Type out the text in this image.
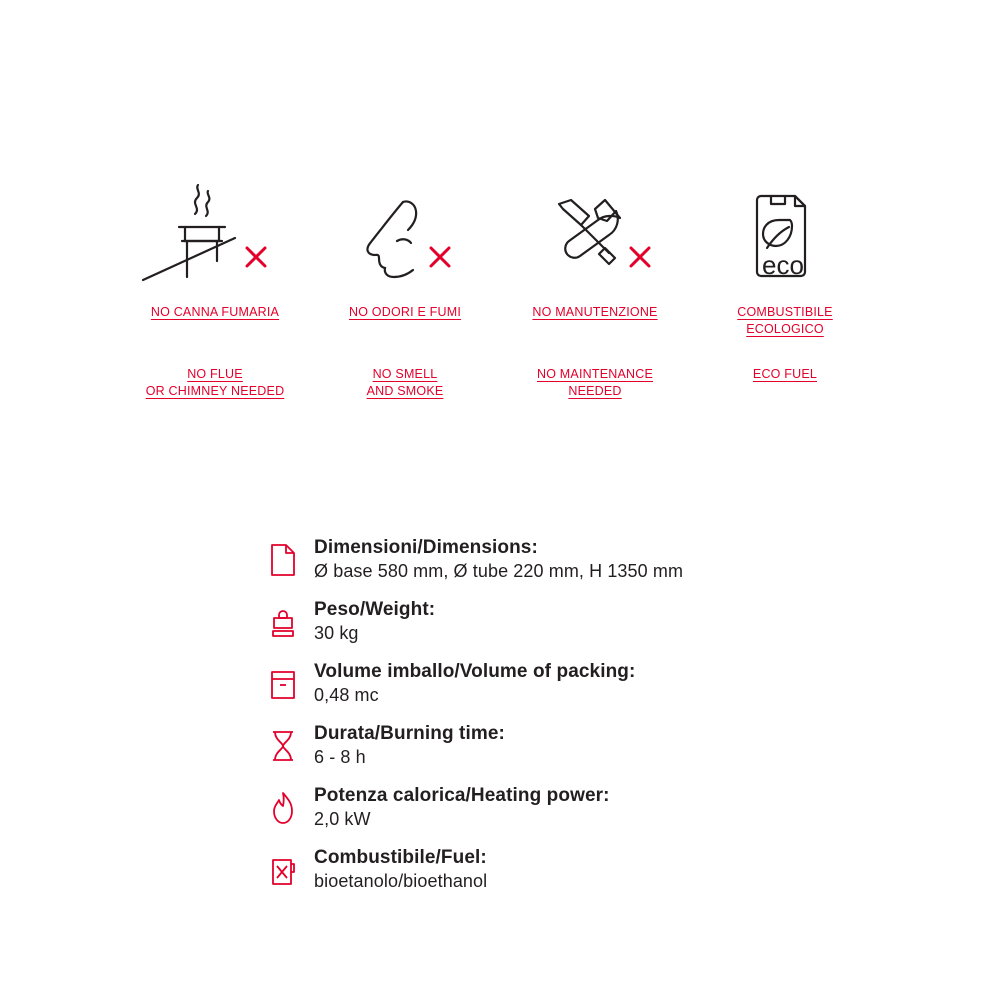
NO CANNA FUMARIA
NO FLUE
OR CHIMNEY NEEDED
NO ODORI E FUMI
NO SMELL
AND SMOKE
NO MANUTENZIONE
NO MAINTENANCE
NEEDED
eco
COMBUSTIBILE
ECOLOGICO
ECO FUEL
Dimensioni/Dimensions:
Ø base 580 mm, Ø tube 220 mm, H 1350 mm
Peso/Weight:
30 kg
Volume imballo/Volume of packing:
0,48 mc
Durata/Burning time:
6 - 8 h
Potenza calorica/Heating power:
2,0 kW
Combustibile/Fuel:
bioetanolo/bioethanol
